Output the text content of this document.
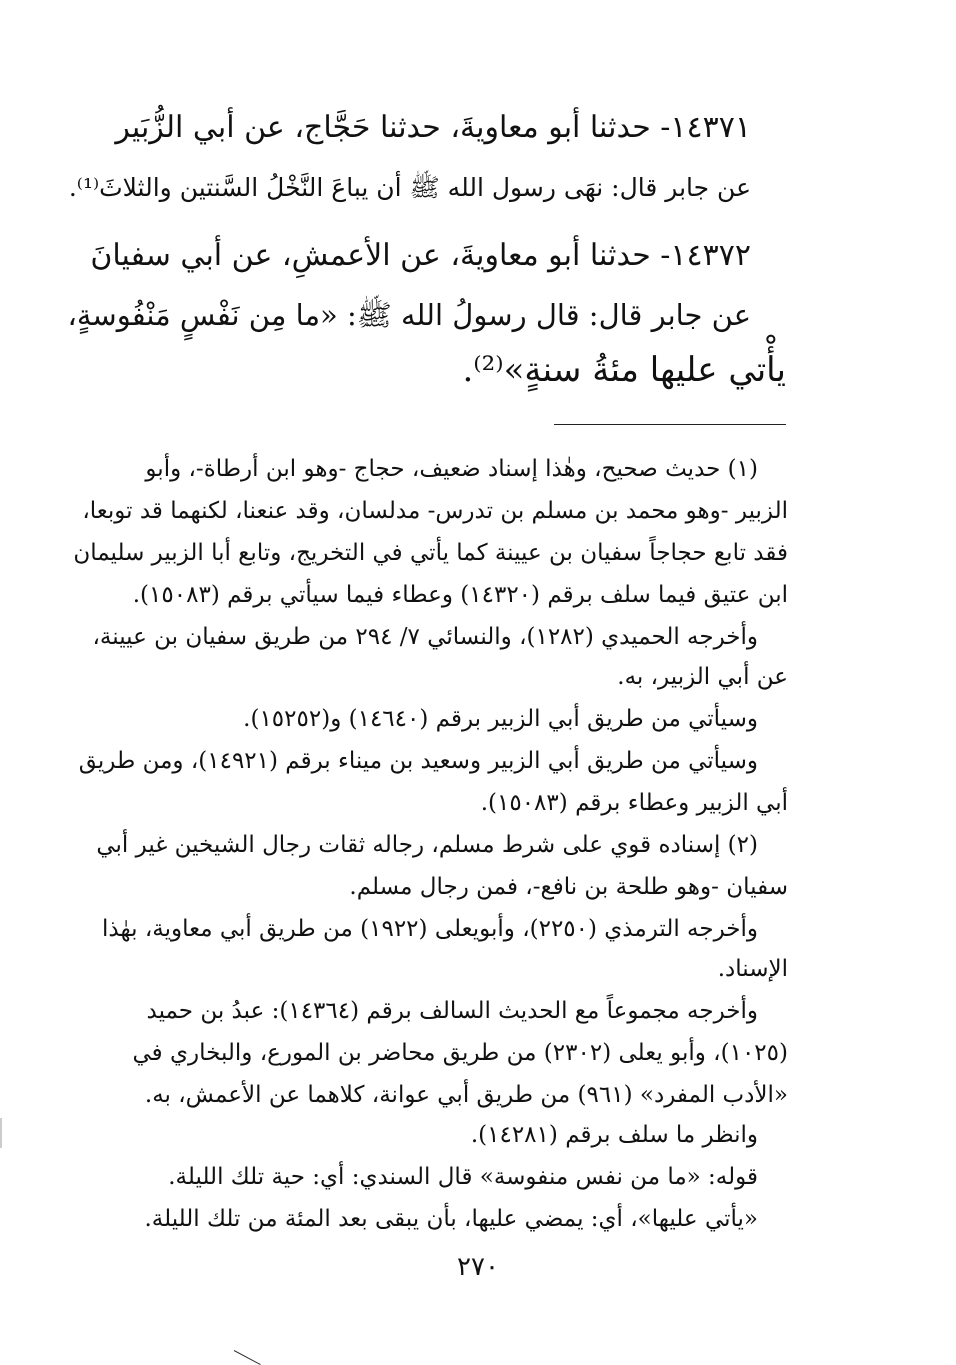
١٤٣٧١- حدثنا أبو معاويةَ، حدثنا حَجَّاج، عن أبي الزُّبَير

عن جابر قال: نهَى رسول الله ﷺ أن يباعَ النَّخْلُ السَّنتين والثلاثَ⁽¹⁾.

١٤٣٧٢- حدثنا أبو معاويةَ، عن الأعمشِ، عن أبي سفيانَ

عن جابر قال: قال رسولُ الله ﷺ: «ما مِن نَفْسٍ مَنْفُوسةٍ،

يأْتي عليها مئةُ سنةٍ»⁽²⁾.

(١) حديث صحيح، وهٰذا إسناد ضعيف، حجاج -وهو ابن أرطاة-، وأبو

الزبير -وهو محمد بن مسلم بن تدرس- مدلسان، وقد عنعنا، لكنهما قد توبعا،

فقد تابع حجاجاً سفيان بن عيينة كما يأتي في التخريج، وتابع أبا الزبير سليمان

ابن عتيق فيما سلف برقم (١٤٣٢٠) وعطاء فيما سيأتي برقم (١٥٠٨٣).

وأخرجه الحميدي (١٢٨٢)، والنسائي ٧/ ٢٩٤ من طريق سفيان بن عيينة،

عن أبي الزبير، به.

وسيأتي من طريق أبي الزبير برقم (١٤٦٤٠) و(١٥٢٥٢).

وسيأتي من طريق أبي الزبير وسعيد بن ميناء برقم (١٤٩٢١)، ومن طريق

أبي الزبير وعطاء برقم (١٥٠٨٣).

(٢) إسناده قوي على شرط مسلم، رجاله ثقات رجال الشيخين غير أبي

سفيان -وهو طلحة بن نافع-، فمن رجال مسلم.

وأخرجه الترمذي (٢٢٥٠)، وأبويعلى (١٩٢٢) من طريق أبي معاوية، بهٰذا

الإسناد.

وأخرجه مجموعاً مع الحديث السالف برقم (١٤٣٦٤): عبدُ بن حميد

(١٠٢٥)، وأبو يعلى (٢٣٠٢) من طريق محاضر بن المورع، والبخاري في

«الأدب المفرد» (٩٦١) من طريق أبي عوانة، كلاهما عن الأعمش، به.

وانظر ما سلف برقم (١٤٢٨١).

قوله: «ما من نفس منفوسة» قال السندي: أي: حية تلك الليلة.

«يأتي عليها»، أي: يمضي عليها، بأن يبقى بعد المئة من تلك الليلة.

٢٧٠
